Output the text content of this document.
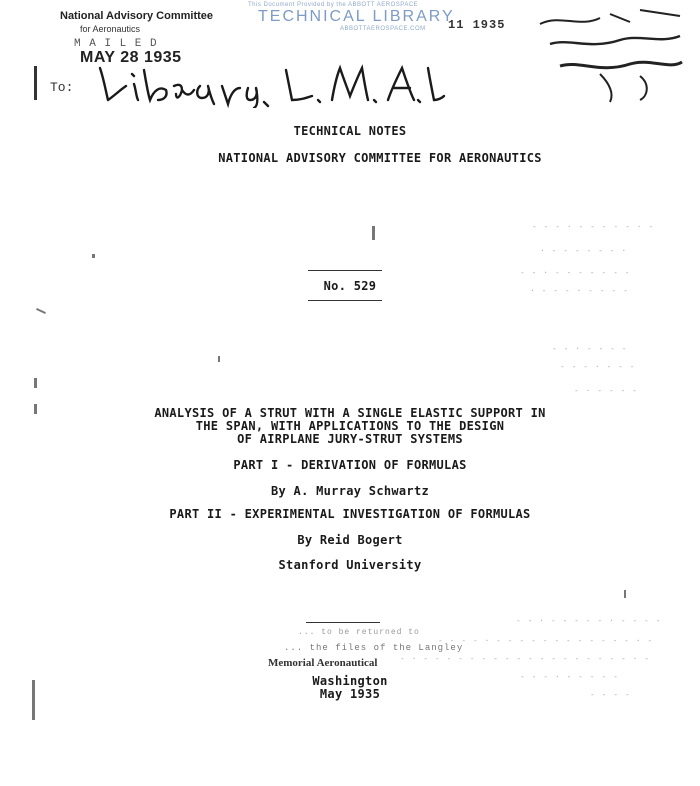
National Advisory Committee
for Aeronautics
M A I L E D
MAY 28 1935
To:
This Document Provided by the ABBOTT AEROSPACE
TECHNICAL LIBRARY
ABBOTTAEROSPACE.COM 11 1935
TECHNICAL NOTES
NATIONAL ADVISORY COMMITTEE FOR AERONAUTICS
No. 529
ANALYSIS OF A STRUT WITH A SINGLE ELASTIC SUPPORT IN
THE SPAN, WITH APPLICATIONS TO THE DESIGN
OF AIRPLANE JURY-STRUT SYSTEMS
PART I - DERIVATION OF FORMULAS
By A. Murray Schwartz
PART II - EXPERIMENTAL INVESTIGATION OF FORMULAS
By Reid Bogert
Stanford University
... to be returned to
... the files of the Langley
Memorial Aeronautical
Washington
May 1935
- - - · - - - - - · -
· - - - - - - ·
- - · - - - - - - -
· - - - · - - - -
- - · - - - -
- - - · - - -
- · - - - -
- - · - - - - - · - - - -
- - - - · - - - - - - - - - - - - · -
- · - - - - - - - - - - - - - - - - - - · -
- - - · - - - - -
- - - -
